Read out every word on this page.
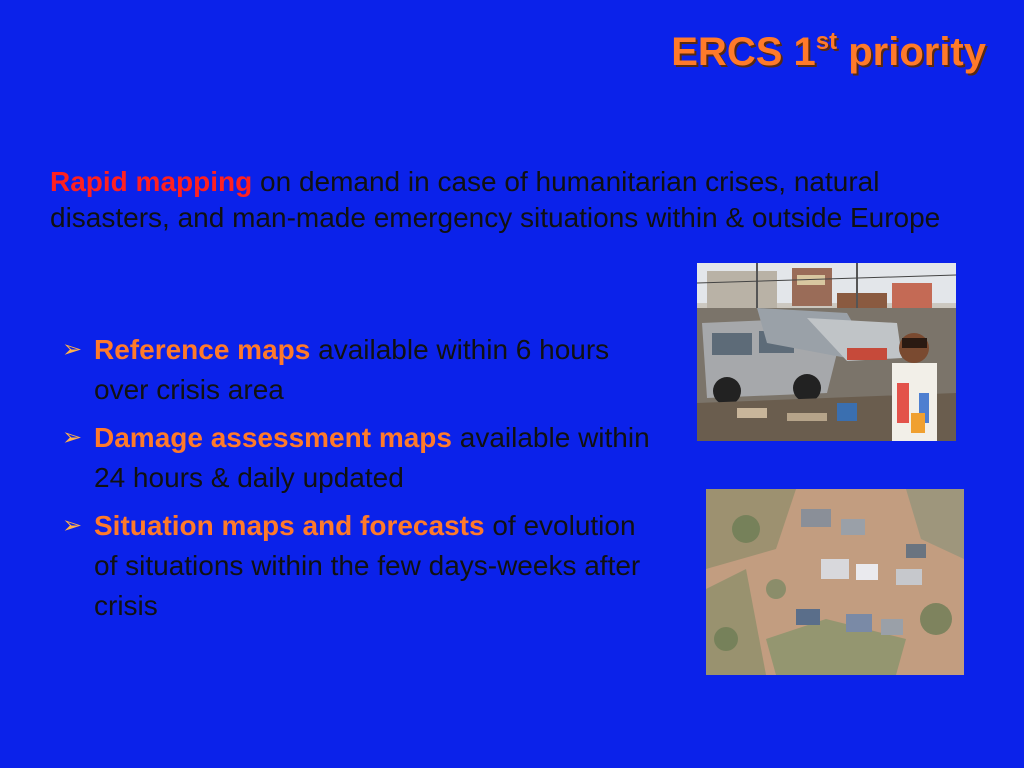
ERCS 1st priority
Rapid mapping on demand in case of humanitarian crises, natural disasters, and man-made emergency situations within & outside Europe
➢ Reference maps available within 6 hours over crisis area
➢ Damage assessment maps available within 24 hours & daily updated
➢ Situation maps and forecasts of evolution of situations within the few days-weeks after crisis
